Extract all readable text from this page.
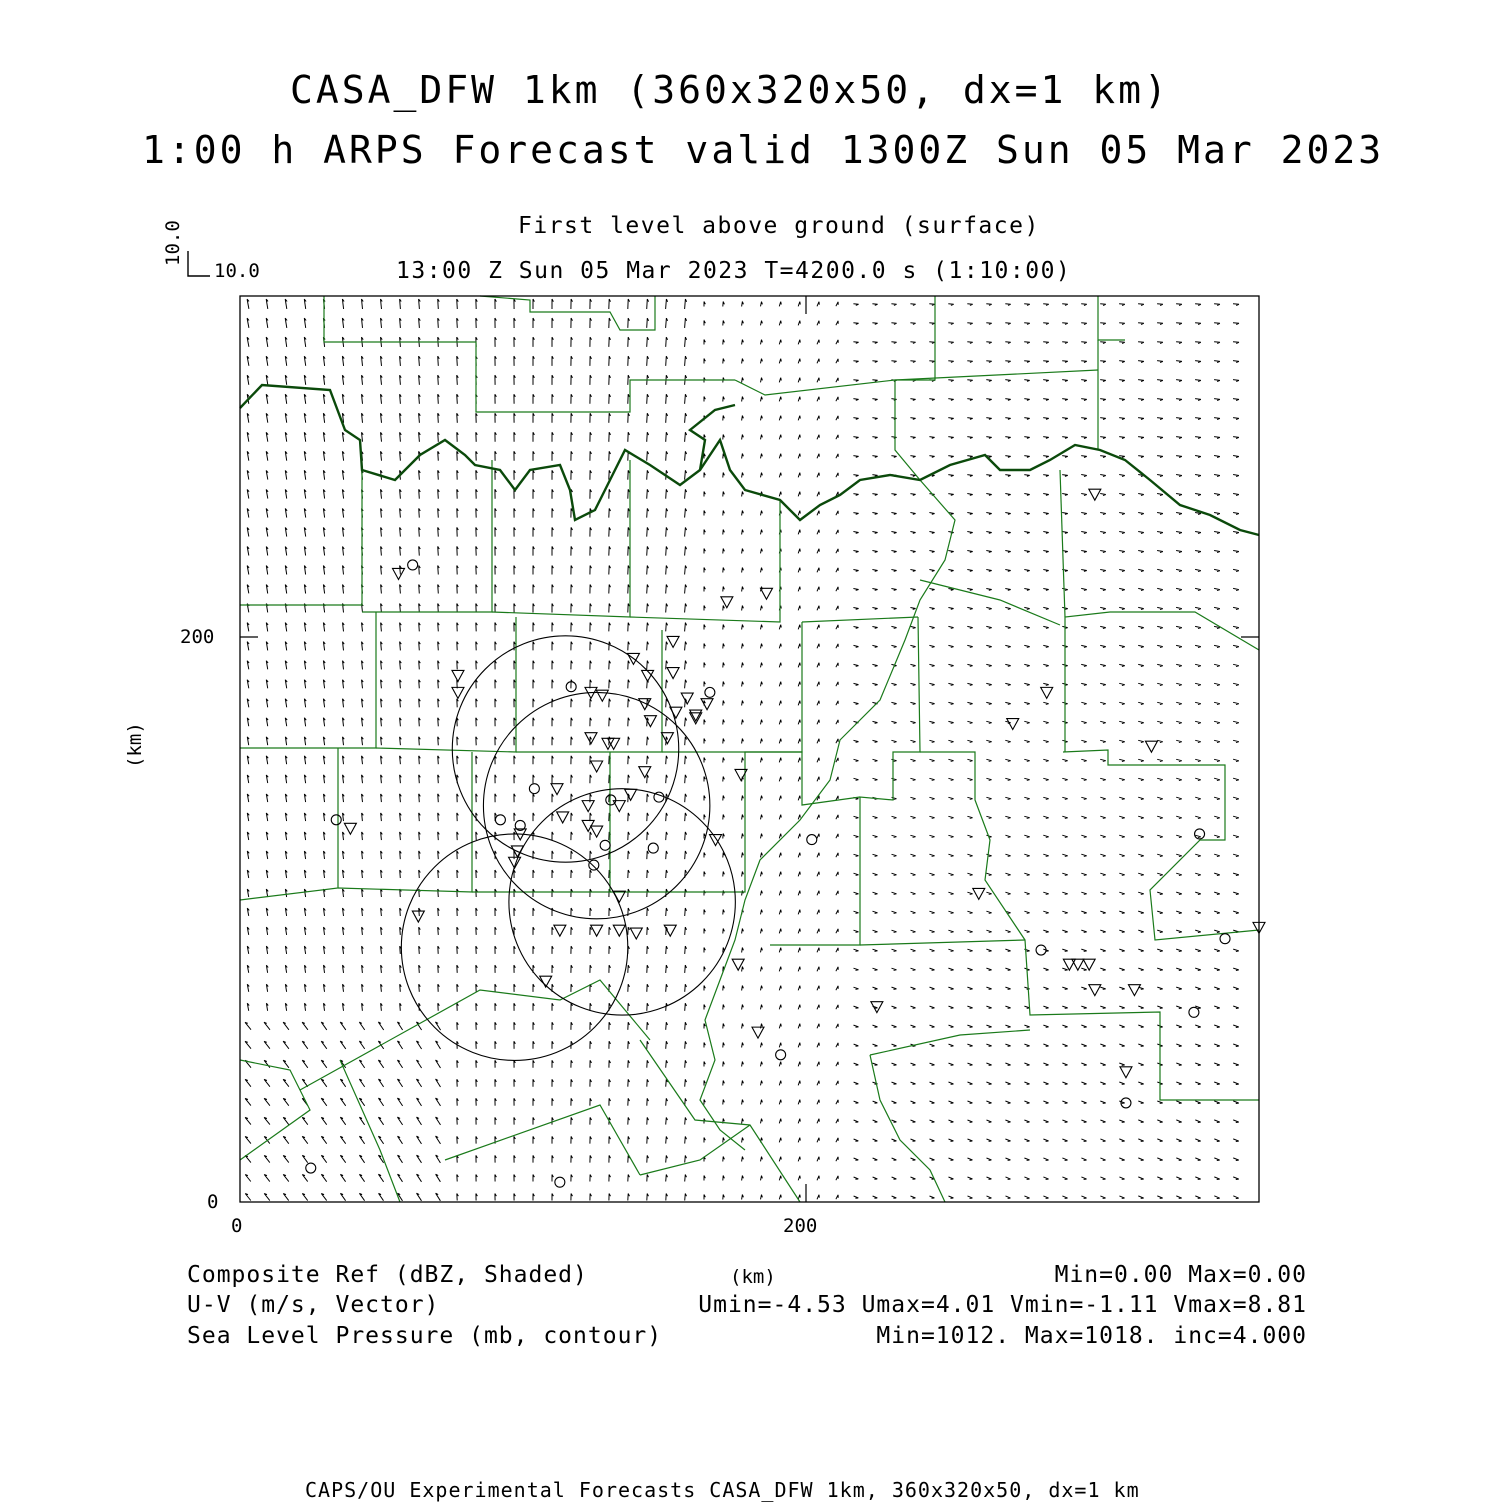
CASA_DFW 1km (360x320x50, dx=1 km)
1:00 h ARPS Forecast valid 1300Z Sun 05 Mar 2023
First level above ground (surface)
13:00 Z Sun 05 Mar 2023 T=4200.0 s (1:10:00)
10.0
10.0
0	200
0
200
(km)
(km)
Composite Ref (dBZ, Shaded)	Min=0.00 Max=0.00
U-V (m/s, Vector)	Umin=-4.53 Umax=4.01 Vmin=-1.11 Vmax=8.81
Sea Level Pressure (mb, contour)	Min=1012. Max=1018. inc=4.000
CAPS/OU Experimental Forecasts CASA_DFW 1km, 360x320x50, dx=1 km
